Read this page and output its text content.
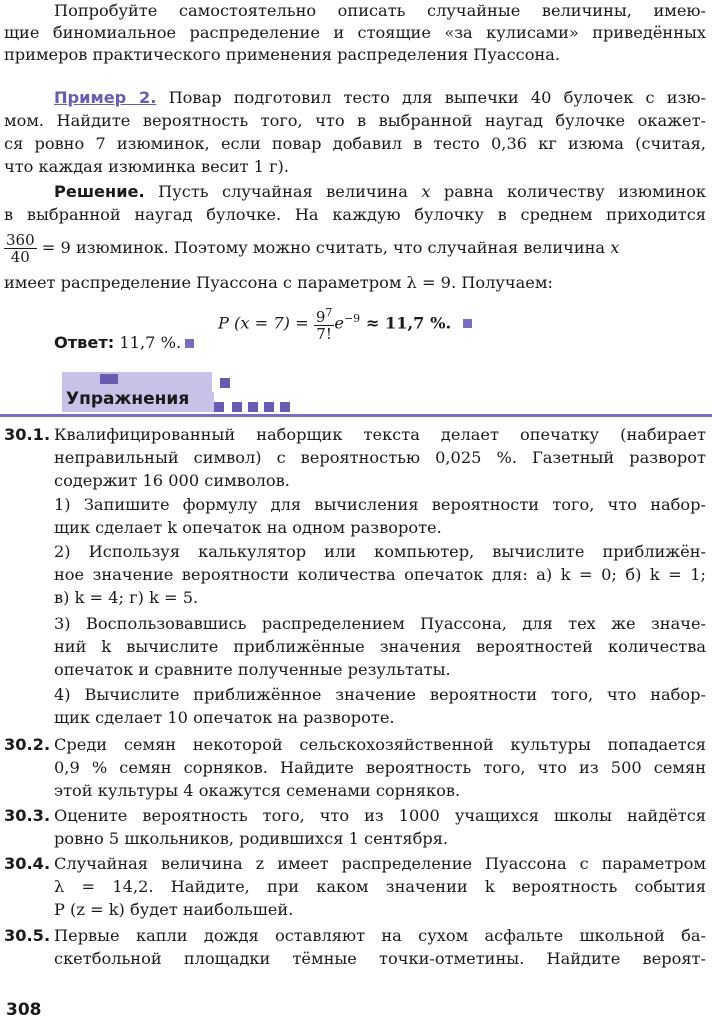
Попробуйте самостоятельно описать случайные величины, имею-
щие биномиальное распределение и стоящие «за кулисами» приведённых
примеров практического применения распределения Пуассона.
Пример 2. Повар подготовил тесто для выпечки 40 булочек с изю-
мом. Найдите вероятность того, что в выбранной наугад булочке окажет-
ся ровно 7 изюминок, если повар добавил в тесто 0,36 кг изюма (считая,
что каждая изюминка весит 1 г).
Решение. Пусть случайная величина x равна количеству изюминок
в выбранной наугад булочке. На каждую булочку в среднем приходится
$\frac{360}{40} = 9$ изюминок. Поэтому можно считать, что случайная величина x
имеет распределение Пуассона с параметром λ = 9. Получаем:
P $(x = 7) = \frac{9^7}{7!} e^{-9} \approx 11,7$ %.
Ответ: 11,7 %.
Упражнения
30.1. Квалифицированный наборщик текста делает опечатку (набирает
неправильный символ) с вероятностью 0,025 %. Газетный разворот
содержит 16 000 символов.
1) Запишите формулу для вычисления вероятности того, что набор-
щик сделает k опечаток на одном развороте.
2) Используя калькулятор или компьютер, вычислите приближён-
ное значение вероятности количества опечаток для: а) k = 0; б) k = 1;
в) k = 4; г) k = 5.
3) Воспользовавшись распределением Пуассона, для тех же значе-
ний k вычислите приближённые значения вероятностей количества
опечаток и сравните полученные результаты.
4) Вычислите приближённое значение вероятности того, что набор-
щик сделает 10 опечаток на развороте.
30.2. Среди семян некоторой сельскохозяйственной культуры попадается
0,9 % семян сорняков. Найдите вероятность того, что из 500 семян
этой культуры 4 окажутся семенами сорняков.
30.3. Оцените вероятность того, что из 1000 учащихся школы найдётся
ровно 5 школьников, родившихся 1 сентября.
30.4. Случайная величина z имеет распределение Пуассона с параметром
λ = 14,2. Найдите, при каком значении k вероятность события
P (z = k) будет наибольшей.
30.5. Первые капли дождя оставляют на сухом асфальте школьной ба-
скетбольной площадки тёмные точки-отметины. Найдите вероят-
308
